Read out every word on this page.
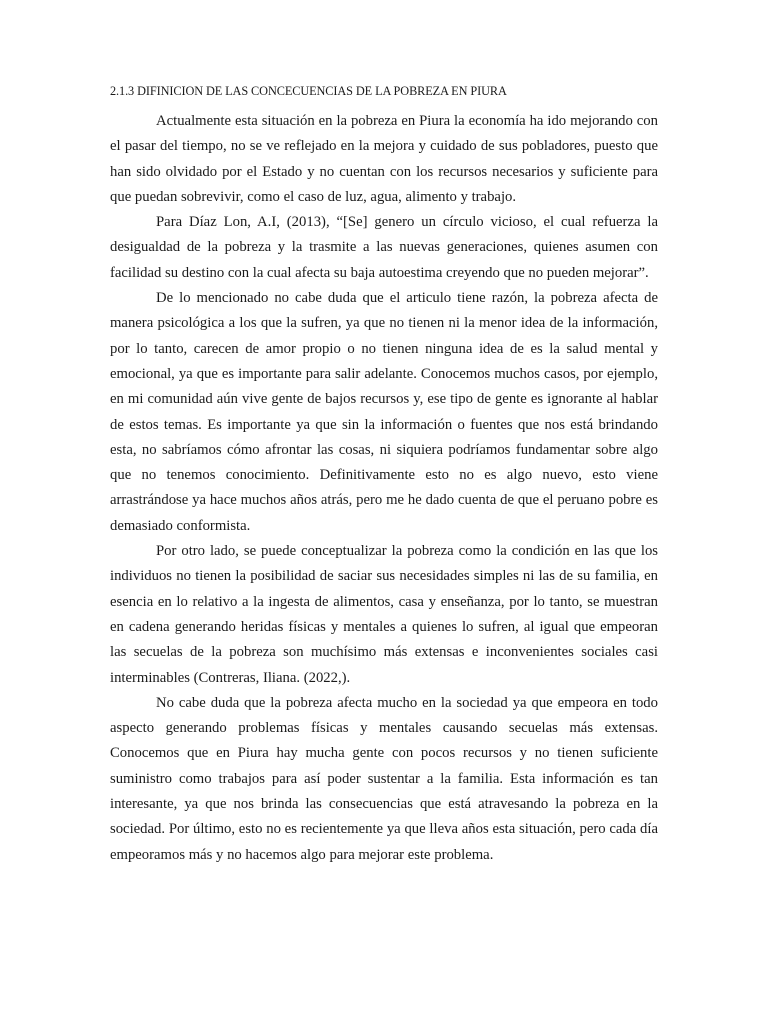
2.1.3 DIFINICION DE LAS CONCECUENCIAS DE LA POBREZA EN PIURA

Actualmente esta situación en la pobreza en Piura la economía ha ido mejorando con el pasar del tiempo, no se ve reflejado en la mejora y cuidado de sus pobladores, puesto que han sido olvidado por el Estado y no cuentan con los recursos necesarios y suficiente para que puedan sobrevivir, como el caso de luz, agua, alimento y trabajo.

Para Díaz Lon, A.I, (2013), “[Se] genero un círculo vicioso, el cual refuerza la desigualdad de la pobreza y la trasmite a las nuevas generaciones, quienes asumen con facilidad su destino con la cual afecta su baja autoestima creyendo que no pueden mejorar”.

De lo mencionado no cabe duda que el articulo tiene razón, la pobreza afecta de manera psicológica a los que la sufren, ya que no tienen ni la menor idea de la información, por lo tanto, carecen de amor propio o no tienen ninguna idea de es la salud mental y emocional, ya que es importante para salir adelante. Conocemos muchos casos, por ejemplo, en mi comunidad aún vive gente de bajos recursos y, ese tipo de gente es ignorante al hablar de estos temas. Es importante ya que sin la información o fuentes que nos está brindando esta, no sabríamos cómo afrontar las cosas, ni siquiera podríamos fundamentar sobre algo que no tenemos conocimiento. Definitivamente esto no es algo nuevo, esto viene arrastrándose ya hace muchos años atrás, pero me he dado cuenta de que el peruano pobre es demasiado conformista.

Por otro lado, se puede conceptualizar la pobreza como la condición en las que los individuos no tienen la posibilidad de saciar sus necesidades simples ni las de su familia, en esencia en lo relativo a la ingesta de alimentos, casa y enseñanza, por lo tanto, se muestran en cadena generando heridas físicas y mentales a quienes lo sufren, al igual que empeoran las secuelas de la pobreza son muchísimo más extensas e inconvenientes sociales casi interminables (Contreras, Iliana. (2022,).

No cabe duda que la pobreza afecta mucho en la sociedad ya que empeora en todo aspecto generando problemas físicas y mentales causando secuelas más extensas. Conocemos que en Piura hay mucha gente con pocos recursos y no tienen suficiente suministro como trabajos para así poder sustentar a la familia. Esta información es tan interesante, ya que nos brinda las consecuencias que está atravesando la pobreza en la sociedad. Por último, esto no es recientemente ya que lleva años esta situación, pero cada día empeoramos más y no hacemos algo para mejorar este problema.
